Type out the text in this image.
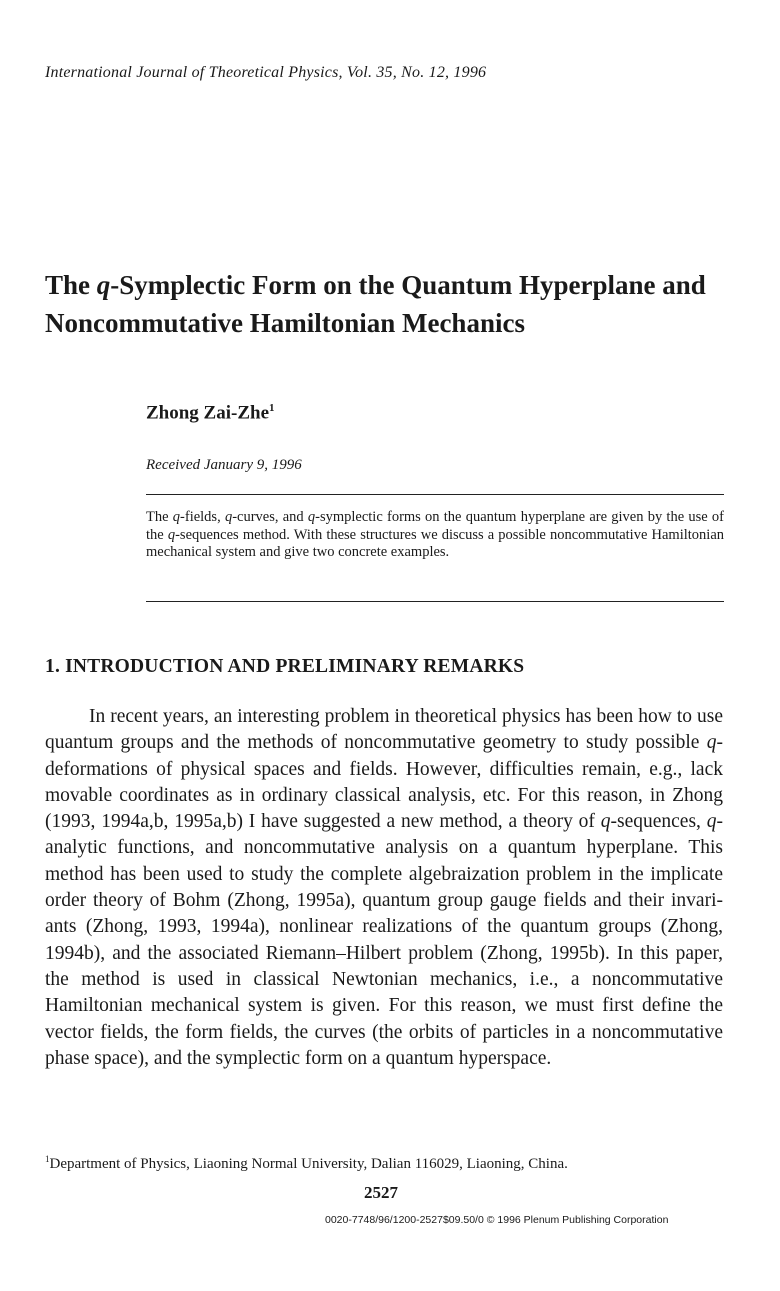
International Journal of Theoretical Physics, Vol. 35, No. 12, 1996
The q-Symplectic Form on the Quantum Hyperplane and Noncommutative Hamiltonian Mechanics
Zhong Zai-Zhe$^1$
Received January 9, 1996
The q-fields, q-curves, and q-symplectic forms on the quantum hyperplane are given by the use of the q-sequences method. With these structures we discuss a possible noncommutative Hamiltonian mechanical system and give two concrete examples.
1. INTRODUCTION AND PRELIMINARY REMARKS
In recent years, an interesting problem in theoretical physics has been how to use quantum groups and the methods of noncommutative geometry to study possible q-deformations of physical spaces and fields. However, difficulties remain, e.g., lack movable coordinates as in ordinary classical analysis, etc. For this reason, in Zhong (1993, 1994a,b, 1995a,b) I have suggested a new method, a theory of q-sequences, q-analytic functions, and noncommutative analysis on a quantum hyperplane. This method has been used to study the complete algebraization problem in the implicate order theory of Bohm (Zhong, 1995a), quantum group gauge fields and their invariants (Zhong, 1993, 1994a), nonlinear realizations of the quantum groups (Zhong, 1994b), and the associated Riemann–Hilbert problem (Zhong, 1995b). In this paper, the method is used in classical Newtonian mechanics, i.e., a noncommutative Hamiltonian mechanical system is given. For this reason, we must first define the vector fields, the form fields, the curves (the orbits of particles in a noncommutative phase space), and the symplectic form on a quantum hyperspace.
$^1$Department of Physics, Liaoning Normal University, Dalian 116029, Liaoning, China.
2527
0020-7748/96/1200-2527$09.50/0 © 1996 Plenum Publishing Corporation
